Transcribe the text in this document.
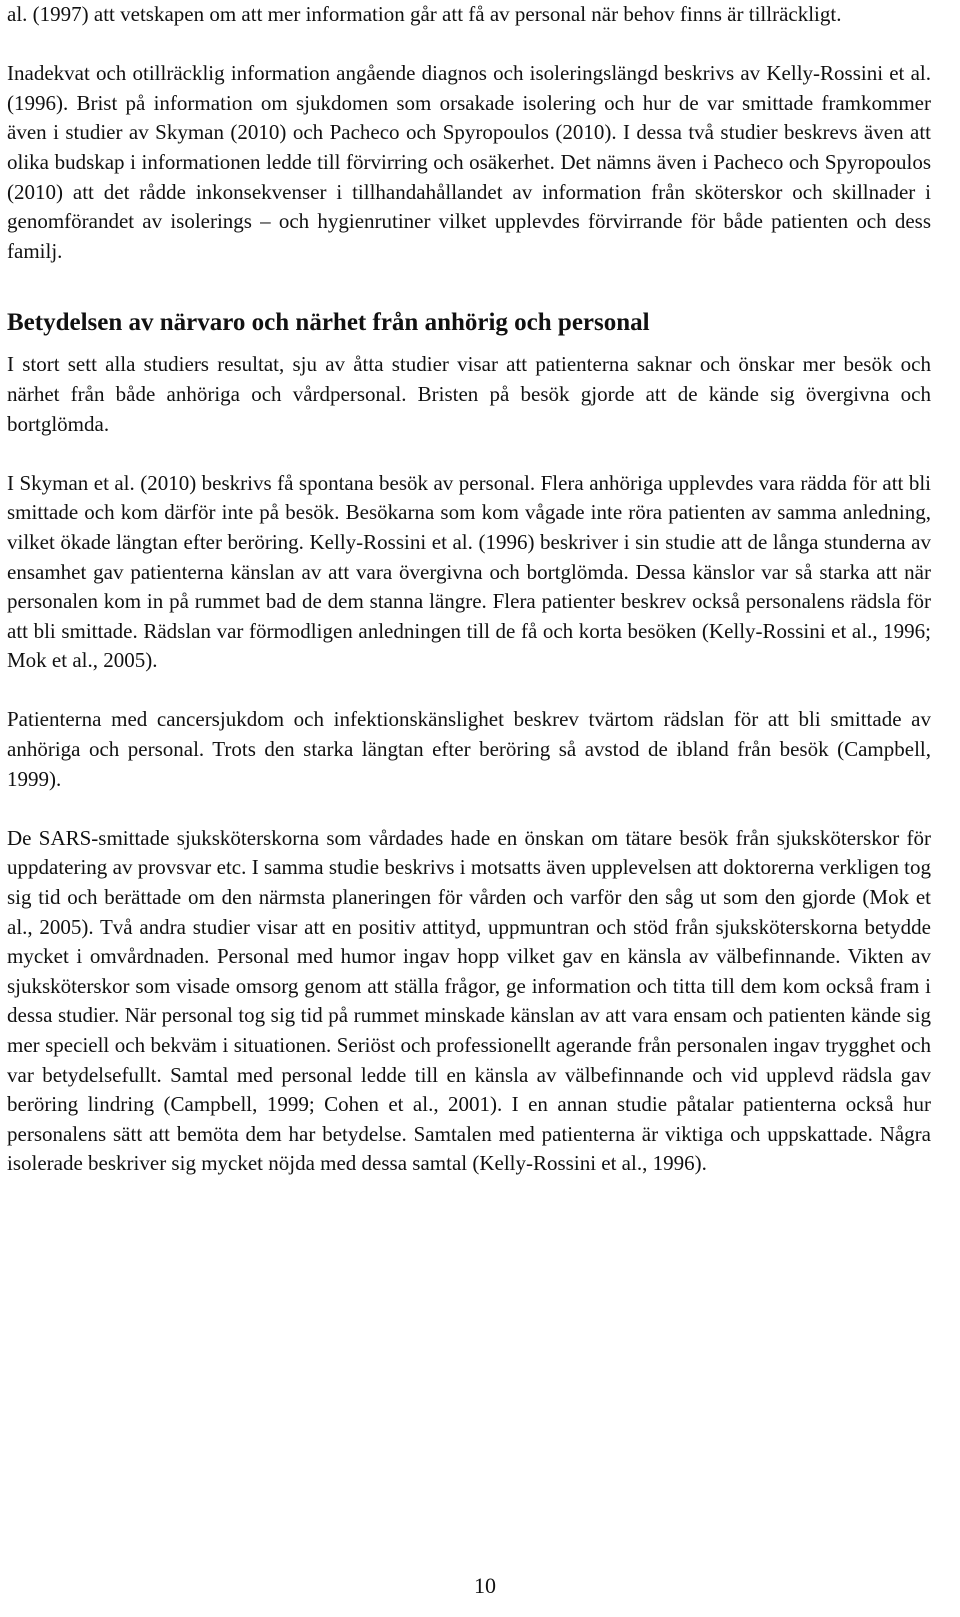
al. (1997) att vetskapen om att mer information går att få av personal när behov finns är tillräckligt.

Inadekvat och otillräcklig information angående diagnos och isoleringslängd beskrivs av Kelly-Rossini et al. (1996). Brist på information om sjukdomen som orsakade isolering och hur de var smittade framkommer även i studier av Skyman (2010) och Pacheco och Spyropoulos (2010). I dessa två studier beskrevs även att olika budskap i informationen ledde till förvirring och osäkerhet. Det nämns även i Pacheco och Spyropoulos (2010) att det rådde inkonsekvenser i tillhandahållandet av information från sköterskor och skillnader i genomförandet av isolerings – och hygienrutiner vilket upplevdes förvirrande för både patienten och dess familj.

Betydelsen av närvaro och närhet från anhörig och personal

I stort sett alla studiers resultat, sju av åtta studier visar att patienterna saknar och önskar mer besök och närhet från både anhöriga och vårdpersonal. Bristen på besök gjorde att de kände sig övergivna och bortglömda.

I Skyman et al. (2010) beskrivs få spontana besök av personal. Flera anhöriga upplevdes vara rädda för att bli smittade och kom därför inte på besök. Besökarna som kom vågade inte röra patienten av samma anledning, vilket ökade längtan efter beröring. Kelly-Rossini et al. (1996) beskriver i sin studie att de långa stunderna av ensamhet gav patienterna känslan av att vara övergivna och bortglömda. Dessa känslor var så starka att när personalen kom in på rummet bad de dem stanna längre. Flera patienter beskrev också personalens rädsla för att bli smittade. Rädslan var förmodligen anledningen till de få och korta besöken (Kelly-Rossini et al., 1996; Mok et al., 2005).

Patienterna med cancersjukdom och infektionskänslighet beskrev tvärtom rädslan för att bli smittade av anhöriga och personal. Trots den starka längtan efter beröring så avstod de ibland från besök (Campbell, 1999).

De SARS-smittade sjuksköterskorna som vårdades hade en önskan om tätare besök från sjuksköterskor för uppdatering av provsvar etc. I samma studie beskrivs i motsatts även upplevelsen att doktorerna verkligen tog sig tid och berättade om den närmsta planeringen för vården och varför den såg ut som den gjorde (Mok et al., 2005). Två andra studier visar att en positiv attityd, uppmuntran och stöd från sjuksköterskorna betydde mycket i omvårdnaden. Personal med humor ingav hopp vilket gav en känsla av välbefinnande. Vikten av sjuksköterskor som visade omsorg genom att ställa frågor, ge information och titta till dem kom också fram i dessa studier. När personal tog sig tid på rummet minskade känslan av att vara ensam och patienten kände sig mer speciell och bekväm i situationen. Seriöst och professionellt agerande från personalen ingav trygghet och var betydelsefullt. Samtal med personal ledde till en känsla av välbefinnande och vid upplevd rädsla gav beröring lindring (Campbell, 1999; Cohen et al., 2001). I en annan studie påtalar patienterna också hur personalens sätt att bemöta dem har betydelse. Samtalen med patienterna är viktiga och uppskattade. Några isolerade beskriver sig mycket nöjda med dessa samtal (Kelly-Rossini et al., 1996).

10
